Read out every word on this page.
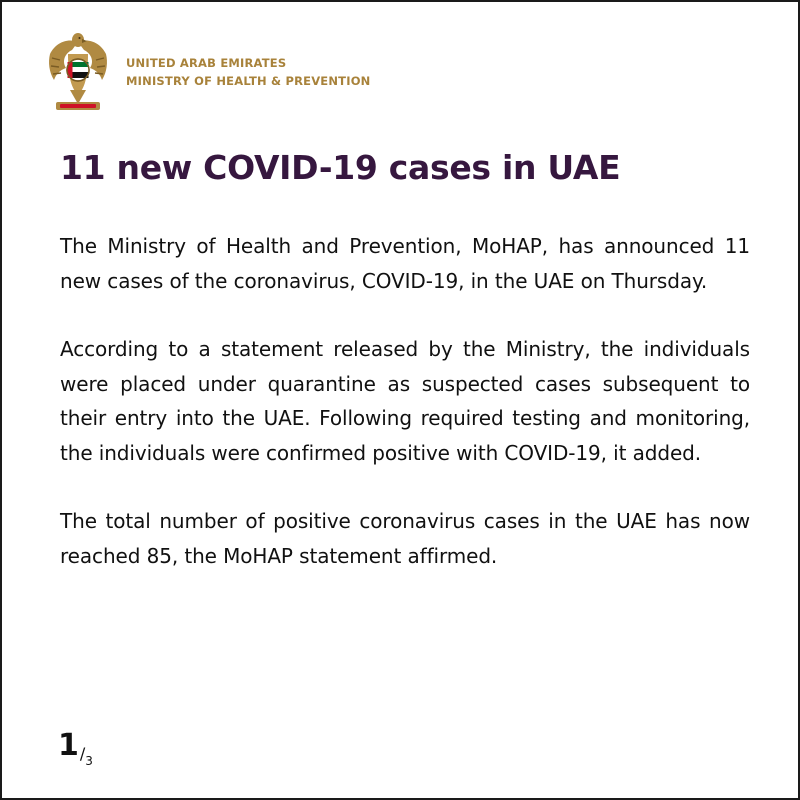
UNITED ARAB EMIRATES
MINISTRY OF HEALTH & PREVENTION
11 new COVID-19 cases in UAE

The Ministry of Health and Prevention, MoHAP, has announced 11 new cases of the coronavirus, COVID-19, in the UAE on Thursday.

According to a statement released by the Ministry, the individuals were placed under quarantine as suspected cases subsequent to their entry into the UAE. Following required testing and monitoring, the individuals were confirmed positive with COVID-19, it added.

The total number of positive coronavirus cases in the UAE has now reached 85, the MoHAP statement affirmed.

$1/_3$
